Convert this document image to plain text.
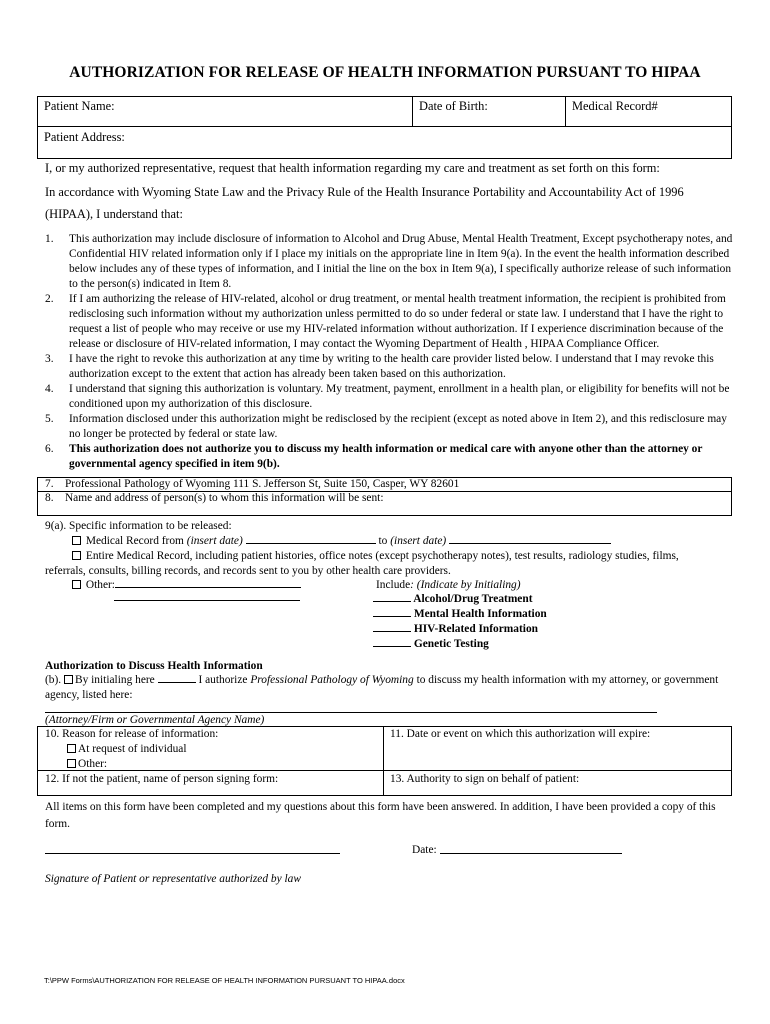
AUTHORIZATION FOR RELEASE OF HEALTH INFORMATION PURSUANT TO HIPAA
Patient Name:	Date of Birth:	Medical Record#
Patient Address:
I, or my authorized representative, request that health information regarding my care and treatment as set forth on this form:
In accordance with Wyoming State Law and the Privacy Rule of the Health Insurance Portability and Accountability Act of 1996 (HIPAA), I understand that:
1. This authorization may include disclosure of information to Alcohol and Drug Abuse, Mental Health Treatment, Except psychotherapy notes, and Confidential HIV related information only if I place my initials on the appropriate line in Item 9(a). In the event the health information described below includes any of these types of information, and I initial the line on the box in Item 9(a), I specifically authorize release of such information to the person(s) indicated in Item 8.
2. If I am authorizing the release of HIV-related, alcohol or drug treatment, or mental health treatment information, the recipient is prohibited from redisclosing such information without my authorization unless permitted to do so under federal or state law. I understand that I have the right to request a list of people who may receive or use my HIV-related information without authorization. If I experience discrimination because of the release or disclosure of HIV-related information, I may contact the Wyoming Department of Health , HIPAA Compliance Officer.
3. I have the right to revoke this authorization at any time by writing to the health care provider listed below. I understand that I may revoke this authorization except to the extent that action has already been taken based on this authorization.
4. I understand that signing this authorization is voluntary. My treatment, payment, enrollment in a health plan, or eligibility for benefits will not be conditioned upon my authorization of this disclosure.
5. Information disclosed under this authorization might be redisclosed by the recipient (except as noted above in Item 2), and this redisclosure may no longer be protected by federal or state law.
6. This authorization does not authorize you to discuss my health information or medical care with anyone other than the attorney or governmental agency specified in item 9(b).
7. Professional Pathology of Wyoming 111 S. Jefferson St, Suite 150, Casper, WY 82601
8. Name and address of person(s) to whom this information will be sent:
9(a). Specific information to be released:
Medical Record from (insert date)	to (insert date)
Entire Medical Record, including patient histories, office notes (except psychotherapy notes), test results, radiology studies, films, referrals, consults, billing records, and records sent to you by other health care providers.
Other:	Include: (Indicate by Initialing)
Alcohol/Drug Treatment
Mental Health Information
HIV-Related Information
Genetic Testing
Authorization to Discuss Health Information
(b). By initialing here	I authorize Professional Pathology of Wyoming to discuss my health information with my attorney, or government agency, listed here:
(Attorney/Firm or Governmental Agency Name)
10. Reason for release of information:
At request of individual
Other:
11. Date or event on which this authorization will expire:
12. If not the patient, name of person signing form:	13. Authority to sign on behalf of patient:
All items on this form have been completed and my questions about this form have been answered. In addition, I have been provided a copy of this form.
Date:
Signature of Patient or representative authorized by law
T:\PPW Forms\AUTHORIZATION FOR RELEASE OF HEALTH INFORMATION PURSUANT TO HIPAA.docx
